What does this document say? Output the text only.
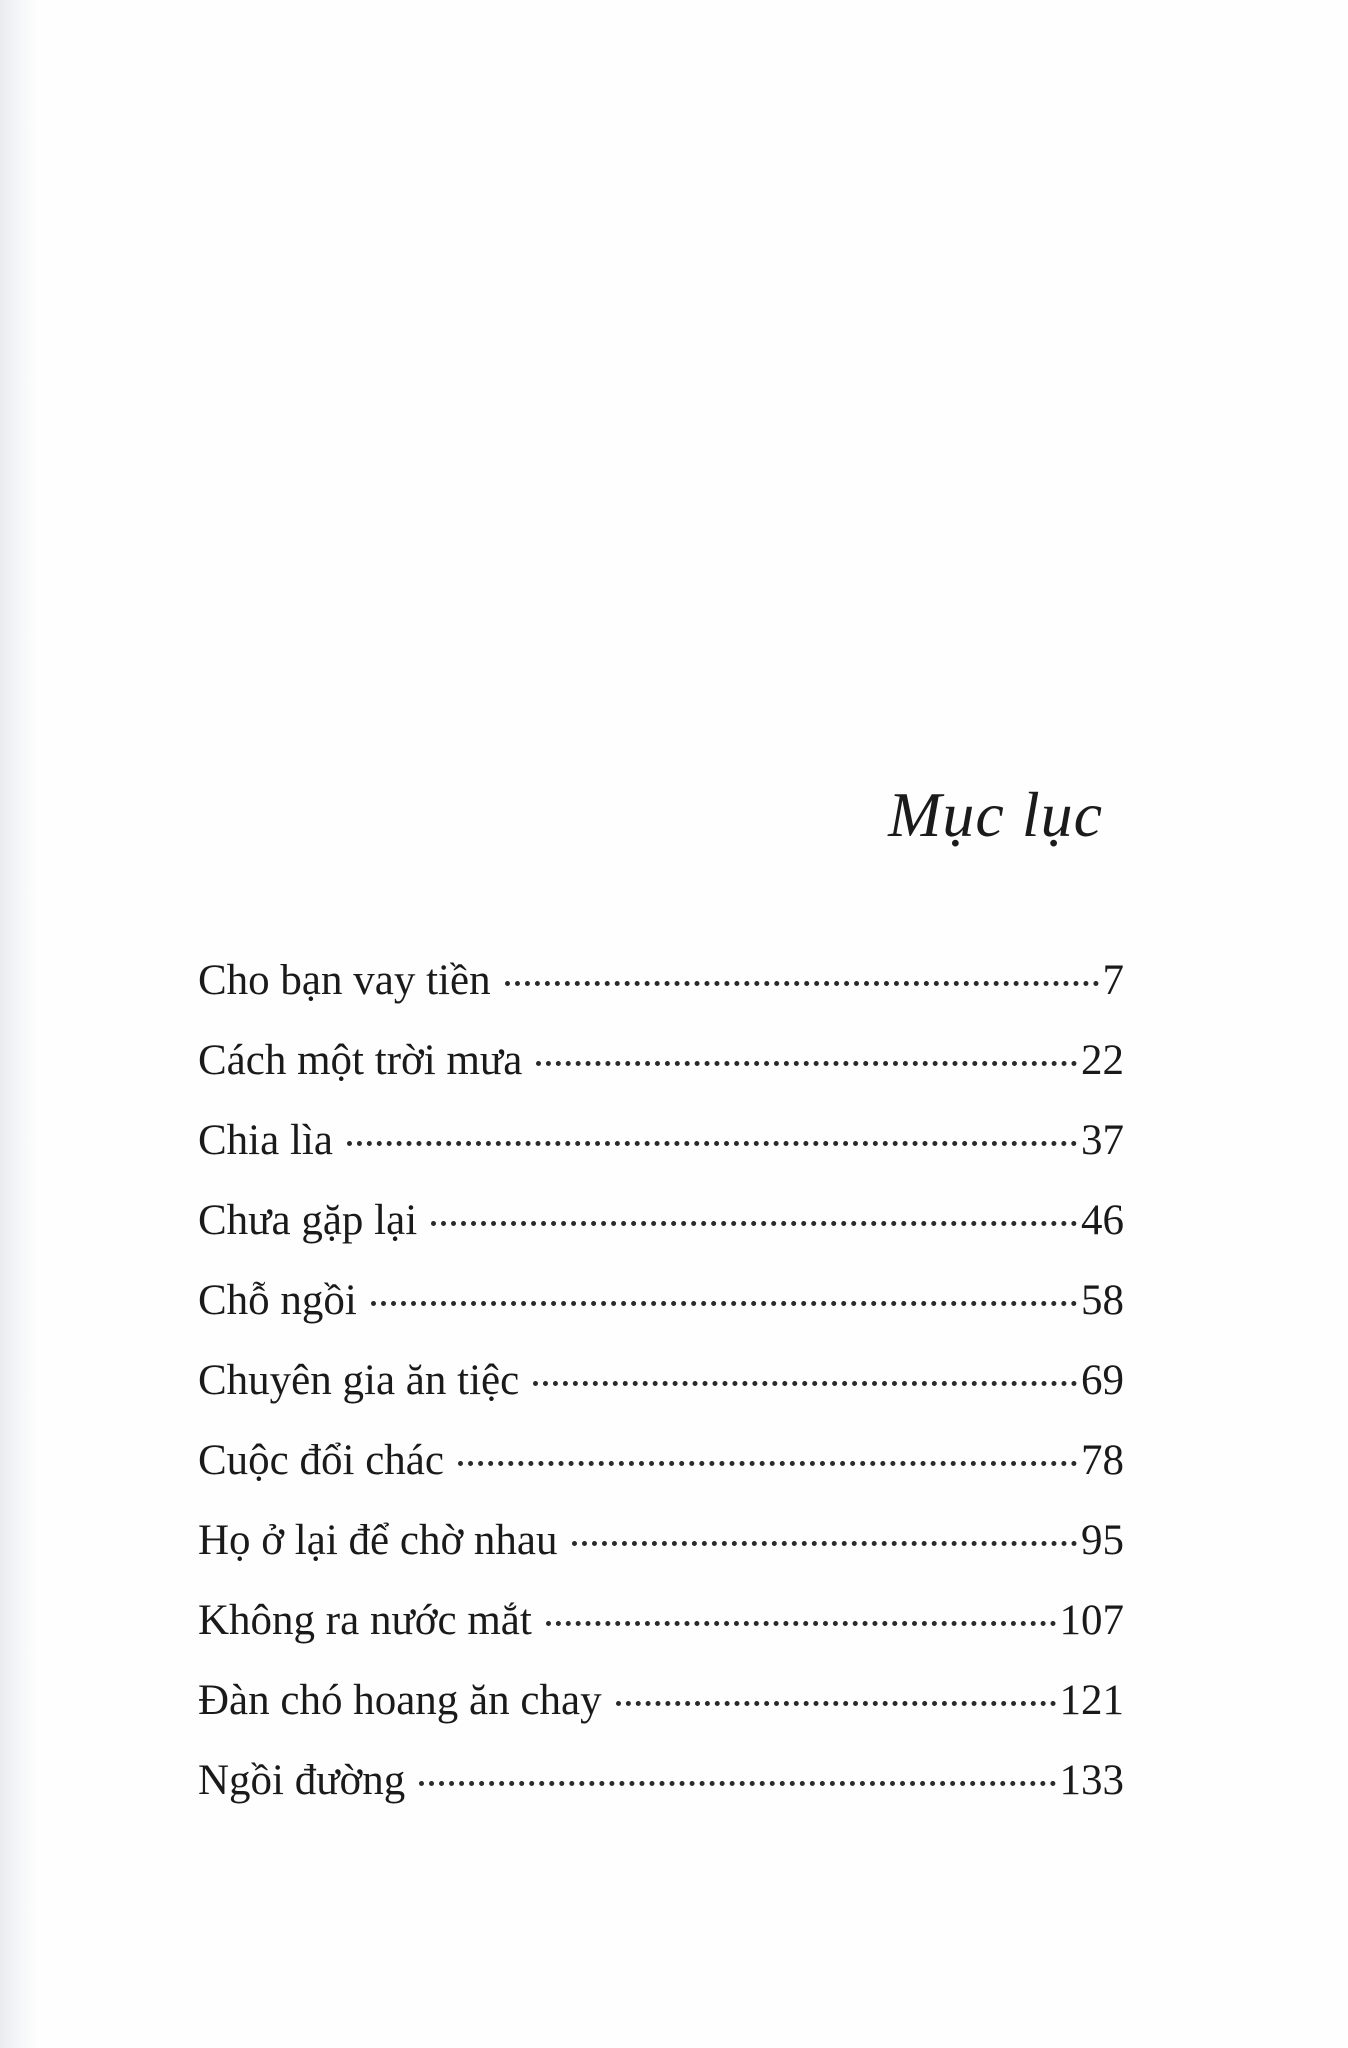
Mục lục
Cho bạn vay tiền	7
Cách một trời mưa	22
Chia lìa	37
Chưa gặp lại	46
Chỗ ngồi	58
Chuyên gia ăn tiệc	69
Cuộc đổi chác	78
Họ ở lại để chờ nhau	95
Không ra nước mắt	107
Đàn chó hoang ăn chay	121
Ngồi đường	133
